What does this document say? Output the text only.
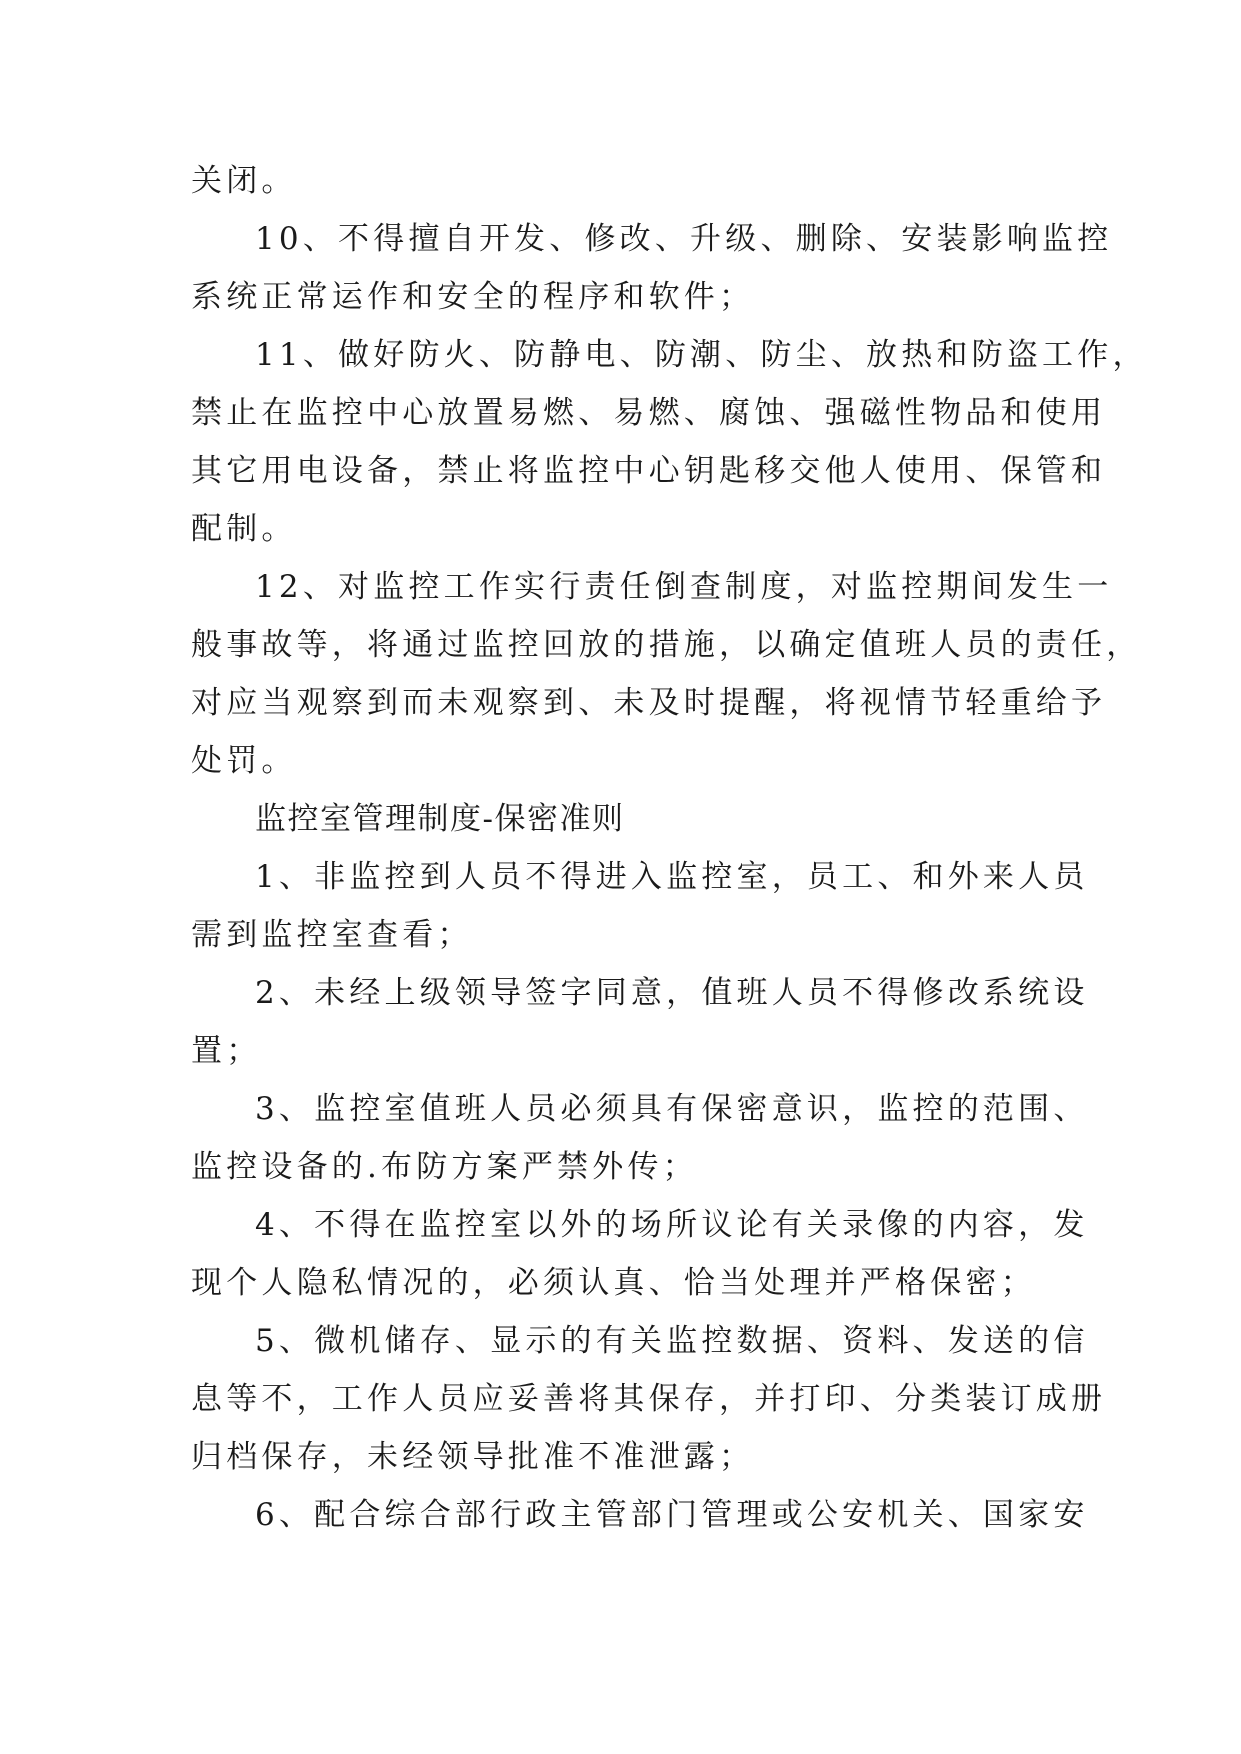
关闭。
10、不得擅自开发、修改、升级、删除、安装影响监控
系统正常运作和安全的程序和软件；
11、做好防火、防静电、防潮、防尘、放热和防盗工作，
禁止在监控中心放置易燃、易燃、腐蚀、强磁性物品和使用
其它用电设备，禁止将监控中心钥匙移交他人使用、保管和
配制。
12、对监控工作实行责任倒查制度，对监控期间发生一
般事故等，将通过监控回放的措施，以确定值班人员的责任，
对应当观察到而未观察到、未及时提醒，将视情节轻重给予
处罚。
监控室管理制度-保密准则
1、非监控到人员不得进入监控室，员工、和外来人员
需到监控室查看；
2、未经上级领导签字同意，值班人员不得修改系统设
置；
3、监控室值班人员必须具有保密意识，监控的范围、
监控设备的.布防方案严禁外传；
4、不得在监控室以外的场所议论有关录像的内容，发
现个人隐私情况的，必须认真、恰当处理并严格保密；
5、微机储存、显示的有关监控数据、资料、发送的信
息等不，工作人员应妥善将其保存，并打印、分类装订成册
归档保存，未经领导批准不准泄露；
6、配合综合部行政主管部门管理或公安机关、国家安
